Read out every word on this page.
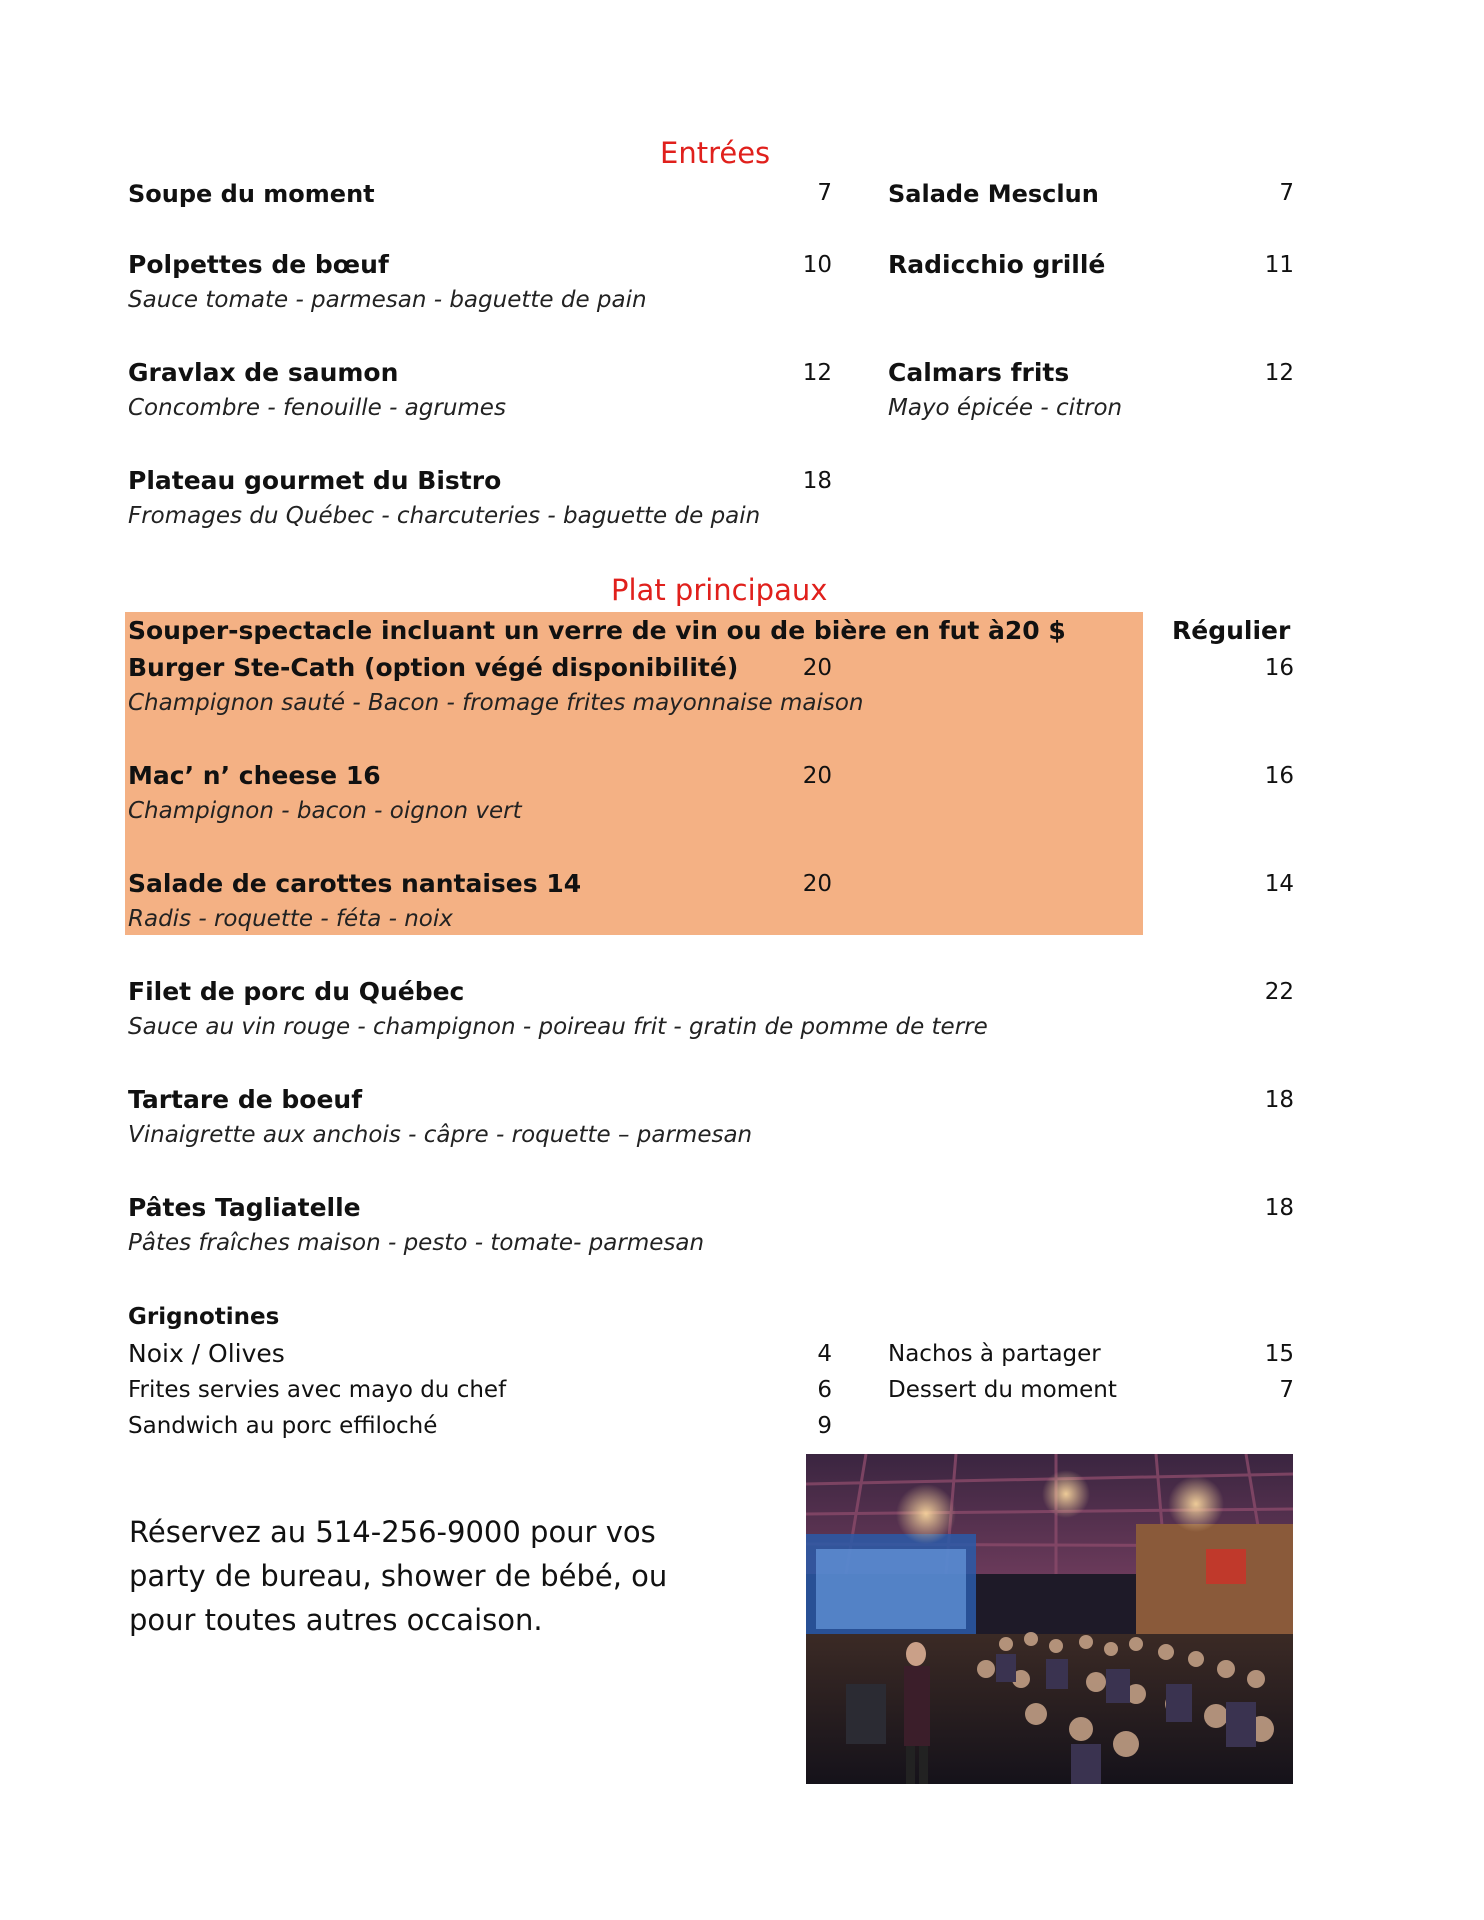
Entrées
Soupe du moment	7 Salade Mesclun	7
Polpettes de bœuf	10
Sauce tomate - parmesan - baguette de pain
Radicchio grillé	11
Gravlax de saumon	12
Concombre - fenouille - agrumes
Calmars frits	12
Mayo épicée - citron
Plateau gourmet du Bistro	18
Fromages du Québec - charcuteries - baguette de pain
Plat principaux
Souper-spectacle incluant un verre de vin ou de bière en fut à20 $	Régulier
Burger Ste-Cath (option végé disponibilité)	20	16
Champignon sauté - Bacon - fromage frites mayonnaise maison
Mac’ n’ cheese 16	20	16
Champignon - bacon - oignon vert
Salade de carottes nantaises 14	20	14
Radis - roquette - féta - noix
Filet de porc du Québec	22
Sauce au vin rouge - champignon - poireau frit - gratin de pomme de terre
Tartare de boeuf	18
Vinaigrette aux anchois - câpre - roquette – parmesan
Pâtes Tagliatelle	18
Pâtes fraîches maison - pesto - tomate- parmesan
Grignotines
Noix / Olives	4 Nachos à partager	15
Frites servies avec mayo du chef	6 Dessert du moment	7
Sandwich au porc effiloché	9
Réservez au 514-256-9000 pour vos party de bureau, shower de bébé, ou pour toutes autres occaison.
